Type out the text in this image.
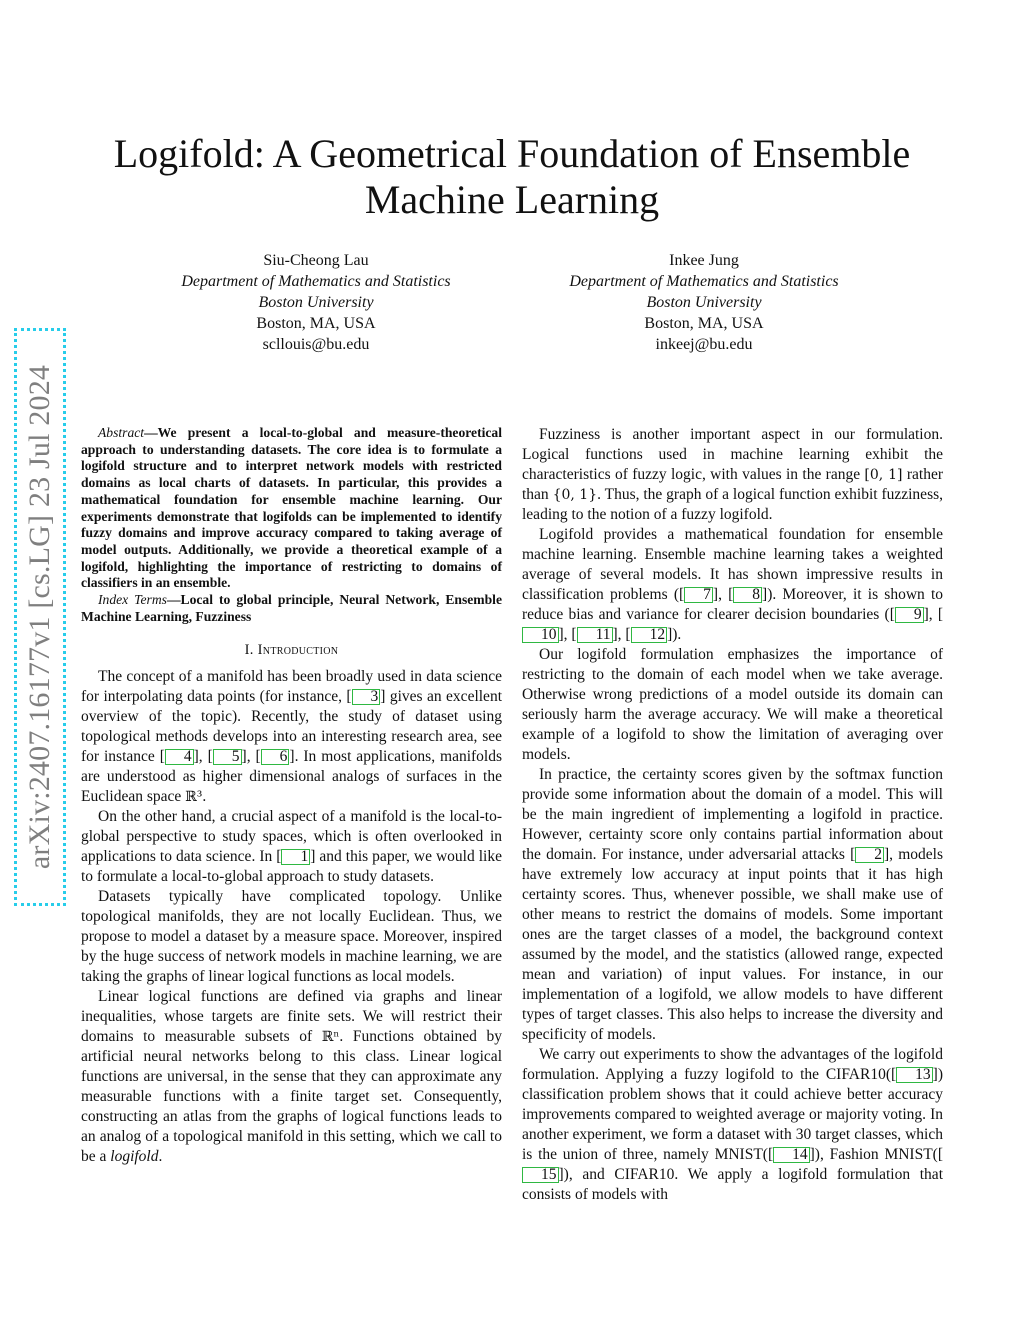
arXiv:2407.16177v1 [cs.LG] 23 Jul 2024
Logifold: A Geometrical Foundation of Ensemble
Machine Learning
Siu-Cheong Lau
Department of Mathematics and Statistics
Boston University
Boston, MA, USA
scllouis@bu.edu
Inkee Jung
Department of Mathematics and Statistics
Boston University
Boston, MA, USA
inkeej@bu.edu

Abstract—We present a local-to-global and measure-theoretical approach to understanding datasets. The core idea is to formulate a logifold structure and to interpret network models with restricted domains as local charts of datasets. In particular, this provides a mathematical foundation for ensemble machine learning. Our experiments demonstrate that logifolds can be implemented to identify fuzzy domains and improve accuracy compared to taking average of model outputs. Additionally, we provide a theoretical example of a logifold, highlighting the importance of restricting to domains of classifiers in an ensemble.

Index Terms—Local to global principle, Neural Network, Ensemble Machine Learning, Fuzziness

I. Introduction

The concept of a manifold has been broadly used in data science for interpolating data points (for instance, [ 3 ] gives an excellent overview of the topic). Recently, the study of dataset using topological methods develops into an interesting research area, see for instance [ 4 ], [ 5 ], [ 6 ]. In most applications, manifolds are understood as higher dimensional analogs of surfaces in the Euclidean space ℝ³.

On the other hand, a crucial aspect of a manifold is the local-to-global perspective to study spaces, which is often overlooked in applications to data science. In [ 1 ] and this paper, we would like to formulate a local-to-global approach to study datasets.

Datasets typically have complicated topology. Unlike topological manifolds, they are not locally Euclidean. Thus, we propose to model a dataset by a measure space. Moreover, inspired by the huge success of network models in machine learning, we are taking the graphs of linear logical functions as local models.

Linear logical functions are defined via graphs and linear inequalities, whose targets are finite sets. We will restrict their domains to measurable subsets of ℝⁿ. Functions obtained by artificial neural networks belong to this class. Linear logical functions are universal, in the sense that they can approximate any measurable functions with a finite target set. Consequently, constructing an atlas from the graphs of logical functions leads to an analog of a topological manifold in this setting, which we call to be a logifold.

Fuzziness is another important aspect in our formulation. Logical functions used in machine learning exhibit the characteristics of fuzzy logic, with values in the range [0, 1] rather than {0, 1}. Thus, the graph of a logical function exhibit fuzziness, leading to the notion of a fuzzy logifold.

Logifold provides a mathematical foundation for ensemble machine learning. Ensemble machine learning takes a weighted average of several models. It has shown impressive results in classification problems ([ 7 ], [ 8 ]). Moreover, it is shown to reduce bias and variance for clearer decision boundaries ([ 9 ], [10 ], [ 11 ], [ 12 ]).

Our logifold formulation emphasizes the importance of restricting to the domain of each model when we take average. Otherwise wrong predictions of a model outside its domain can seriously harm the average accuracy. We will make a theoretical example of a logifold to show the limitation of averaging over models.

In practice, the certainty scores given by the softmax function provide some information about the domain of a model. This will be the main ingredient of implementing a logifold in practice. However, certainty score only contains partial information about the domain. For instance, under adversarial attacks [ 2 ], models have extremely low accuracy at input points that it has high certainty scores. Thus, whenever possible, we shall make use of other means to restrict the domains of models. Some important ones are the target classes of a model, the background context assumed by the model, and the statistics (allowed range, expected mean and variation) of input values. For instance, in our implementation of a logifold, we allow models to have different types of target classes. This also helps to increase the diversity and specificity of models.

We carry out experiments to show the advantages of the logifold formulation. Applying a fuzzy logifold to the CIFAR10([ 13 ]) classification problem shows that it could achieve better accuracy improvements compared to weighted average or majority voting. In another experiment, we form a dataset with 30 target classes, which is the union of three, namely MNIST([ 14 ]), Fashion MNIST([15 ]), and CIFAR10. We apply a logifold formulation that consists of models with
